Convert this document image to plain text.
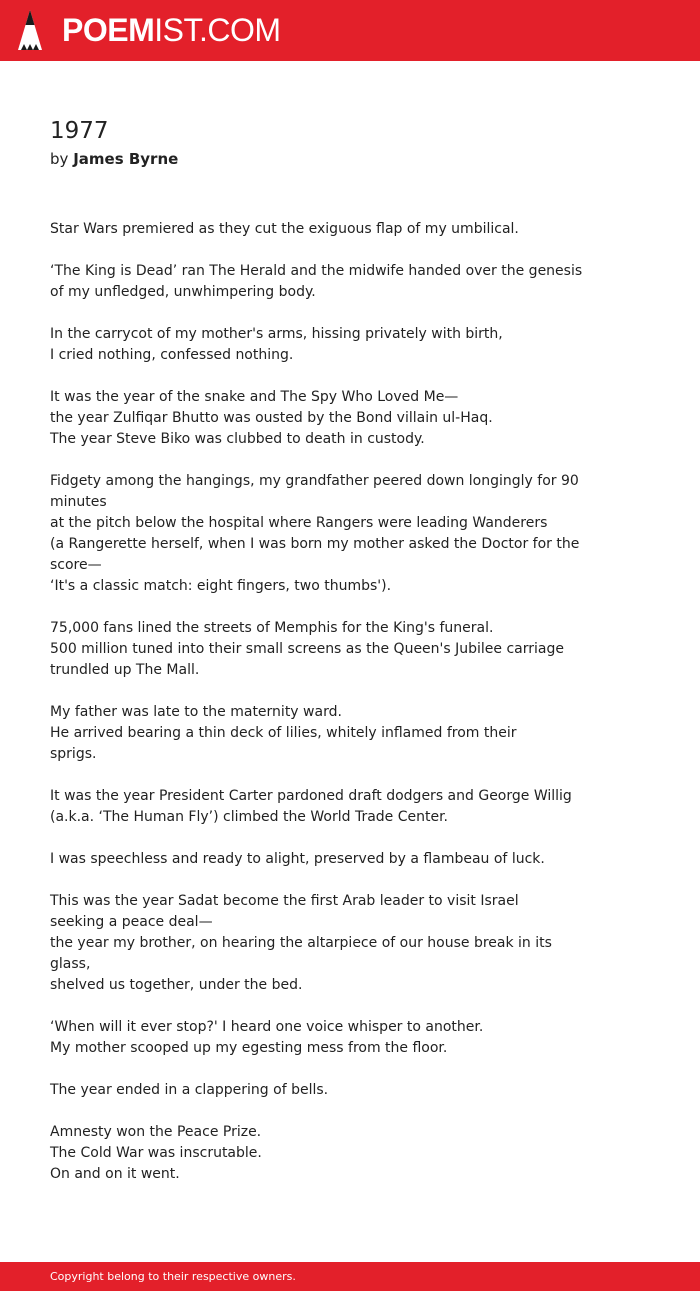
POEMIST.COM
1977
by James Byrne
Star Wars premiered as they cut the exiguous flap of my umbilical.
‘The King is Dead’ ran The Herald and the midwife handed over the genesis
of my unfledged, unwhimpering body.
In the carrycot of my mother's arms, hissing privately with birth,
I cried nothing, confessed nothing.
It was the year of the snake and The Spy Who Loved Me—
the year Zulfiqar Bhutto was ousted by the Bond villain ul-Haq.
The year Steve Biko was clubbed to death in custody.
Fidgety among the hangings, my grandfather peered down longingly for 90
minutes
at the pitch below the hospital where Rangers were leading Wanderers
(a Rangerette herself, when I was born my mother asked the Doctor for the
score—
‘It's a classic match: eight fingers, two thumbs').
75,000 fans lined the streets of Memphis for the King's funeral.
500 million tuned into their small screens as the Queen's Jubilee carriage
trundled up The Mall.
My father was late to the maternity ward.
He arrived bearing a thin deck of lilies, whitely inflamed from their
sprigs.
It was the year President Carter pardoned draft dodgers and George Willig
(a.k.a. ‘The Human Fly’) climbed the World Trade Center.
I was speechless and ready to alight, preserved by a flambeau of luck.
This was the year Sadat become the first Arab leader to visit Israel
seeking a peace deal—
the year my brother, on hearing the altarpiece of our house break in its
glass,
shelved us together, under the bed.
‘When will it ever stop?' I heard one voice whisper to another.
My mother scooped up my egesting mess from the floor.
The year ended in a clappering of bells.
Amnesty won the Peace Prize.
The Cold War was inscrutable.
On and on it went.
Copyright belong to their respective owners.
